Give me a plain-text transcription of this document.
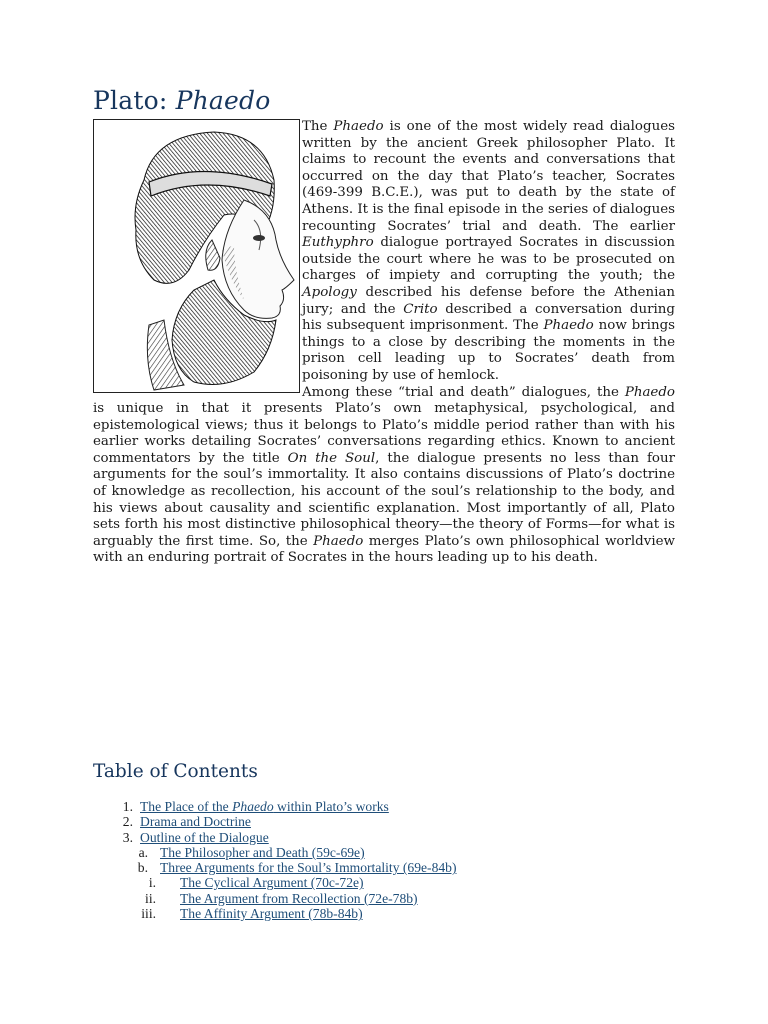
Plato: Phaedo

The Phaedo is one of the most widely read dialogues written by the ancient Greek philosopher Plato. It claims to recount the events and conversations that occurred on the day that Plato’s teacher, Socrates (469-399 B.C.E.), was put to death by the state of Athens. It is the final episode in the series of dialogues recounting Socrates’ trial and death. The earlier Euthyphro dialogue portrayed Socrates in discussion outside the court where he was to be prosecuted on charges of impiety and corrupting the youth; the Apology described his defense before the Athenian jury; and the Crito described a conversation during his subsequent imprisonment. The Phaedo now brings things to a close by describing the moments in the prison cell leading up to Socrates’ death from poisoning by use of hemlock.

Among these “trial and death” dialogues, the Phaedo is unique in that it presents Plato’s own metaphysical, psychological, and epistemological views; thus it belongs to Plato’s middle period rather than with his earlier works detailing Socrates’ conversations regarding ethics. Known to ancient commentators by the title On the Soul, the dialogue presents no less than four arguments for the soul’s immortality. It also contains discussions of Plato’s doctrine of knowledge as recollection, his account of the soul’s relationship to the body, and his views about causality and scientific explanation. Most importantly of all, Plato sets forth his most distinctive philosophical theory—the theory of Forms—for what is arguably the first time. So, the Phaedo merges Plato’s own philosophical worldview with an enduring portrait of Socrates in the hours leading up to his death.

Table of Contents
1. The Place of the Phaedo within Plato’s works
2. Drama and Doctrine
3. Outline of the Dialogue
a. The Philosopher and Death (59c-69e)
b. Three Arguments for the Soul’s Immortality (69e-84b)
i.	The Cyclical Argument (70c-72e)
ii.	The Argument from Recollection (72e-78b)
iii.	The Affinity Argument (78b-84b)
